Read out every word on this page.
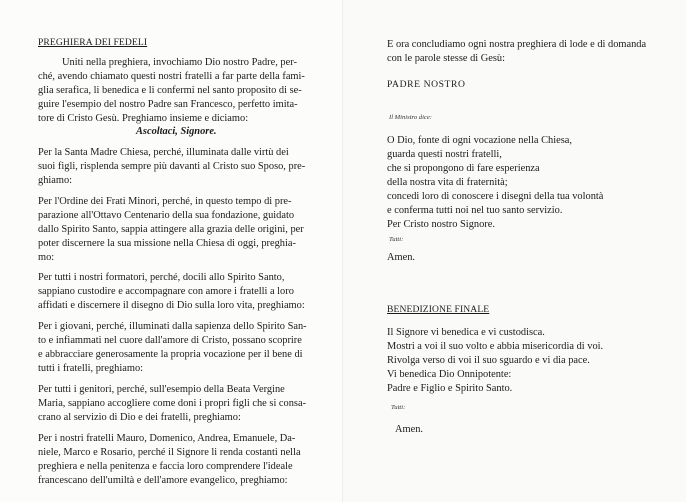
PREGHIERA DEI FEDELI
Uniti nella preghiera, invochiamo Dio nostro Padre, per-
ché, avendo chiamato questi nostri fratelli a far parte della fami-
glia serafica, li benedica e li confermi nel santo proposito di se-
guire l'esempio del nostro Padre san Francesco, perfetto imita-
tore di Cristo Gesù. Preghiamo insieme e diciamo:
Ascoltaci, Signore.
Per la Santa Madre Chiesa, perché, illuminata dalle virtù dei
suoi figli, risplenda sempre più davanti al Cristo suo Sposo, pre-
ghiamo:
Per l'Ordine dei Frati Minori, perché, in questo tempo di pre-
parazione all'Ottavo Centenario della sua fondazione, guidato
dallo Spirito Santo, sappia attingere alla grazia delle origini, per
poter discernere la sua missione nella Chiesa di oggi, preghia-
mo:
Per tutti i nostri formatori, perché, docili allo Spirito Santo,
sappiano custodire e accompagnare con amore i fratelli a loro
affidati e discernere il disegno di Dio sulla loro vita, preghiamo:
Per i giovani, perché, illuminati dalla sapienza dello Spirito San-
to e infiammati nel cuore dall'amore di Cristo, possano scoprire
e abbracciare generosamente la propria vocazione per il bene di
tutti i fratelli, preghiamo:
Per tutti i genitori, perché, sull'esempio della Beata Vergine
Maria, sappiano accogliere come doni i propri figli che si consa-
crano al servizio di Dio e dei fratelli, preghiamo:
Per i nostri fratelli Mauro, Domenico, Andrea, Emanuele, Da-
niele, Marco e Rosario, perché il Signore li renda costanti nella
preghiera e nella penitenza e faccia loro comprendere l'ideale
francescano dell'umiltà e dell'amore evangelico, preghiamo:
E ora concludiamo ogni nostra preghiera di lode e di domanda
con le parole stesse di Gesù:
PADRE NOSTRO
Il Ministro dice:
O Dio, fonte di ogni vocazione nella Chiesa,
guarda questi nostri fratelli,
che si propongono di fare esperienza
della nostra vita di fraternità;
concedi loro di conoscere i disegni della tua volontà
e conferma tutti noi nel tuo santo servizio.
Per Cristo nostro Signore.
Tutti:
Amen.
BENEDIZIONE FINALE
Il Signore vi benedica e vi custodisca.
Mostri a voi il suo volto e abbia misericordia di voi.
Rivolga verso di voi il suo sguardo e vi dia pace.
Vi benedica Dio Onnipotente:
Padre e Figlio e Spirito Santo.
Tutti:
Amen.
